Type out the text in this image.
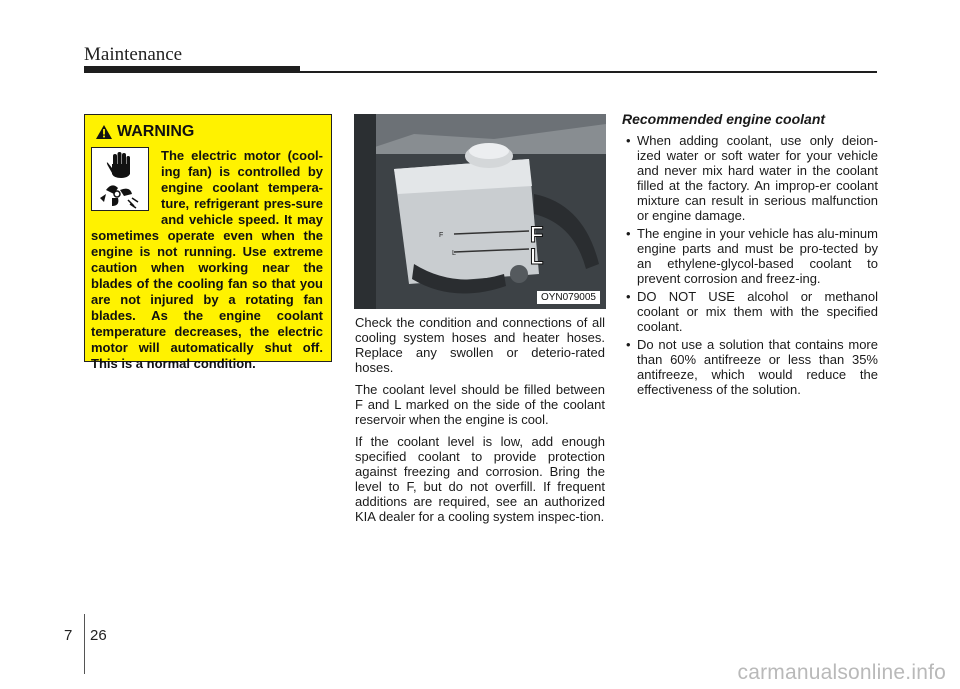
Maintenance
WARNING
The electric motor (cool-ing fan) is controlled by engine coolant tempera-ture, refrigerant pres-sure and vehicle speed. It may sometimes operate even when the engine is not running. Use extreme caution when working near the blades of the cooling fan so that you are not injured by a rotating fan blades. As the engine coolant temperature decreases, the electric motor will automatically shut off. This is a normal condition.
F
L
F
L
OYN079005

Check the condition and connections of all cooling system hoses and heater hoses. Replace any swollen or deterio-rated hoses.

The coolant level should be filled between F and L marked on the side of the coolant reservoir when the engine is cool.

If the coolant level is low, add enough specified coolant to provide protection against freezing and corrosion. Bring the level to F, but do not overfill. If frequent additions are required, see an authorized KIA dealer for a cooling system inspec-tion.

Recommended engine coolant
• When adding coolant, use only deion-ized water or soft water for your vehicle and never mix hard water in the coolant filled at the factory. An improp-er coolant mixture can result in serious malfunction or engine damage.
• The engine in your vehicle has alu-minum engine parts and must be pro-tected by an ethylene-glycol-based coolant to prevent corrosion and freez-ing.
• DO NOT USE alcohol or methanol coolant or mix them with the specified coolant.
• Do not use a solution that contains more than 60% antifreeze or less than 35% antifreeze, which would reduce the effectiveness of the solution.
7 26
carmanualsonline.info
